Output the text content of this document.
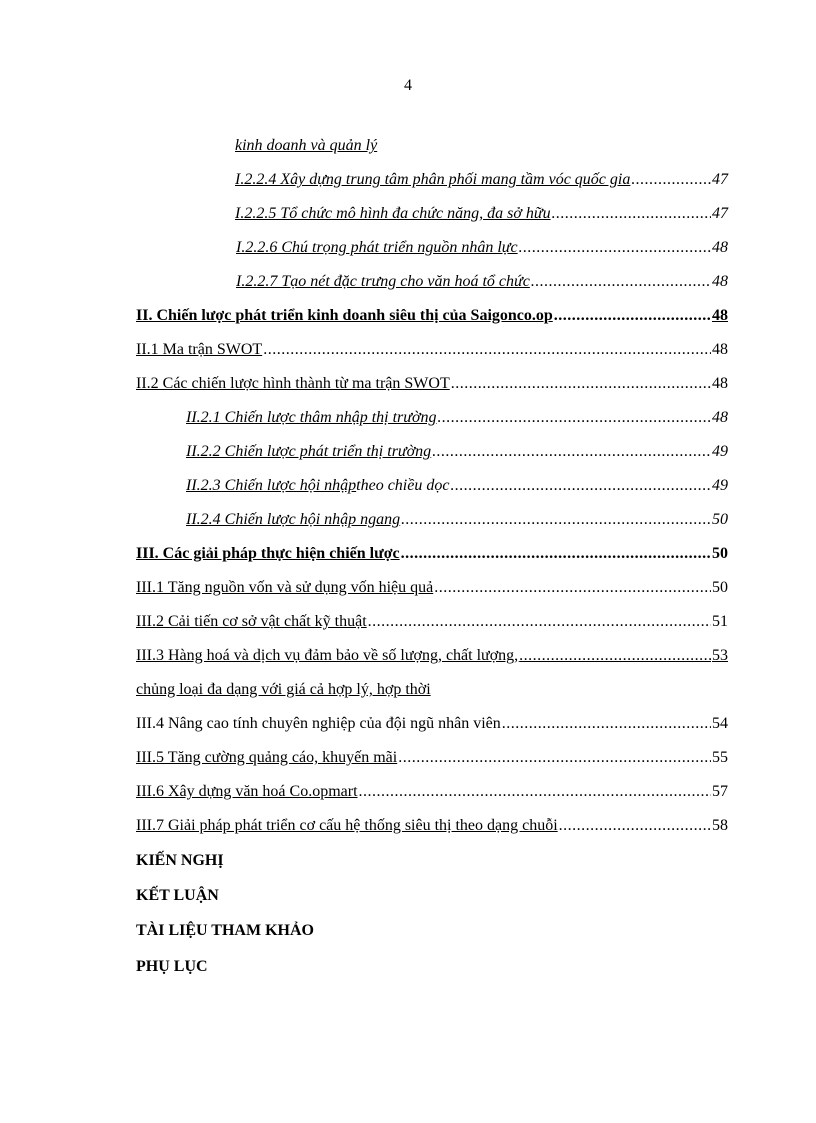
4
kinh doanh và quản lý
I.2.2.4 Xây dựng trung tâm phân phối mang tầm vóc quốc gia .....	47
I.2.2.5 Tổ chức mô hình đa chức năng, đa sở hữu .....	47
I.2.2.6 Chú trọng phát triển nguồn nhân lực .....	48
I.2.2.7 Tạo nét đặc trưng cho văn hoá tổ chức .....	48
II. Chiến lược phát triển kinh doanh siêu thị của Saigonco.op .....	48
II.1 Ma trận SWOT .....	48
II.2 Các chiến lược hình thành từ ma trận SWOT .....	48
II.2.1 Chiến lược thâm nhập thị trường .....	48
II.2.2 Chiến lược phát triển thị trường .....	49
II.2.3 Chiến lược hội nhập theo chiều dọc .....	49
II.2.4 Chiến lược hội nhập ngang .....	50
III. Các giải pháp thực hiện chiến lược .....	50
III.1 Tăng nguồn vốn và sử dụng vốn hiệu quả .....	50
III.2 Cải tiến cơ sở vật chất kỹ thuật .....	51
III.3 Hàng hoá và dịch vụ đảm bảo về số lượng, chất lượng, .....	53
chủng loại đa dạng với giá cả hợp lý, hợp thời
III.4 Nâng cao tính chuyên nghiệp của đội ngũ nhân viên .....	54
III.5 Tăng cường quảng cáo, khuyến mãi .....	55
III.6 Xây dựng văn hoá Co.opmart .....	57
III.7 Giải pháp phát triển cơ cấu hệ thống siêu thị theo dạng chuỗi .....	58
KIẾN NGHỊ
KẾT LUẬN
TÀI LIỆU THAM KHẢO
PHỤ LỤC
